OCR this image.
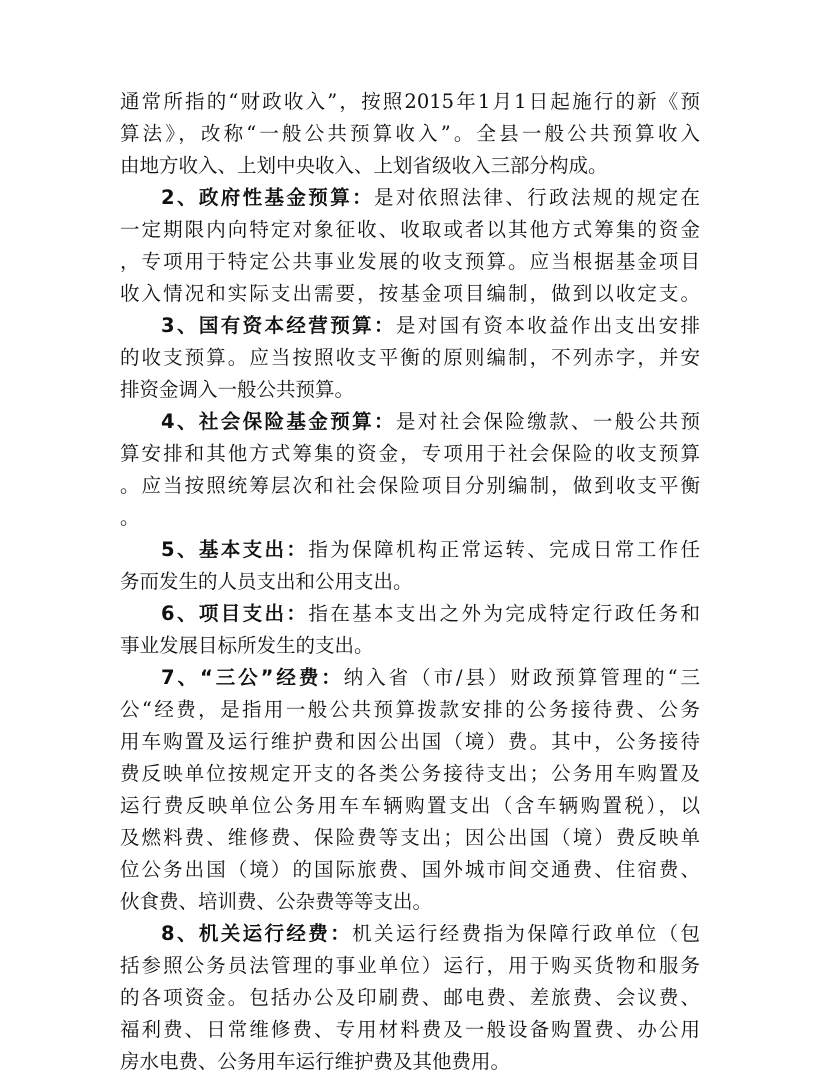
通常所指的“财政收入”，按照2015年1月1日起施行的新《预
算法》，改称“一般公共预算收入”。全县一般公共预算收入
由地方收入、上划中央收入、上划省级收入三部分构成。
2、政府性基金预算：是对依照法律、行政法规的规定在
一定期限内向特定对象征收、收取或者以其他方式筹集的资金
，专项用于特定公共事业发展的收支预算。应当根据基金项目
收入情况和实际支出需要，按基金项目编制，做到以收定支。
3、国有资本经营预算：是对国有资本收益作出支出安排
的收支预算。应当按照收支平衡的原则编制，不列赤字，并安
排资金调入一般公共预算。
4、社会保险基金预算：是对社会保险缴款、一般公共预
算安排和其他方式筹集的资金，专项用于社会保险的收支预算
。应当按照统筹层次和社会保险项目分别编制，做到收支平衡
。
5、基本支出：指为保障机构正常运转、完成日常工作任
务而发生的人员支出和公用支出。
6、项目支出：指在基本支出之外为完成特定行政任务和
事业发展目标所发生的支出。
7、“三公”经费：纳入省（市/县）财政预算管理的“三
公“经费，是指用一般公共预算拨款安排的公务接待费、公务
用车购置及运行维护费和因公出国（境）费。其中，公务接待
费反映单位按规定开支的各类公务接待支出；公务用车购置及
运行费反映单位公务用车车辆购置支出（含车辆购置税），以
及燃料费、维修费、保险费等支出；因公出国（境）费反映单
位公务出国（境）的国际旅费、国外城市间交通费、住宿费、
伙食费、培训费、公杂费等等支出。
8、机关运行经费：机关运行经费指为保障行政单位（包
括参照公务员法管理的事业单位）运行，用于购买货物和服务
的各项资金。包括办公及印刷费、邮电费、差旅费、会议费、
福利费、日常维修费、专用材料费及一般设备购置费、办公用
房水电费、公务用车运行维护费及其他费用。
